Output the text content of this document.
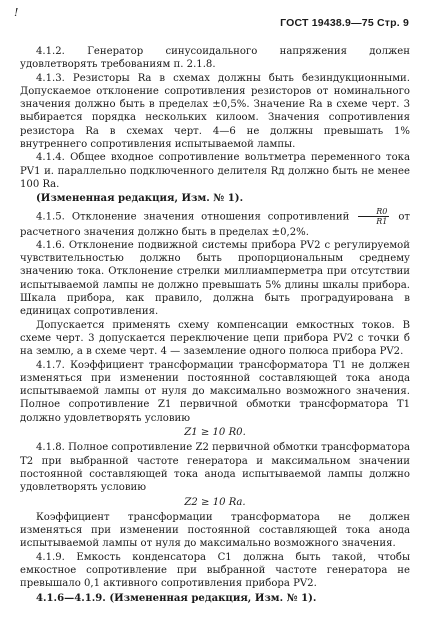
!
ГОСТ 19438.9—75 Стр. 9

4.1.2. Генератор синусоидального напряжения должен удовлетворять требованиям п. 2.1.8.

4.1.3. Резисторы Rа в схемах должны быть безиндукционными. Допускаемое отклонение сопротивления резисторов от номинального значения должно быть в пределах ±0,5%. Значение Rа в схеме черт. 3 выбирается порядка нескольких килоом. Значения сопротивления резистора Rа в схемах черт. 4—6 не должны превышать 1% внутреннего сопротивления испытываемой лампы.

4.1.4. Общее входное сопротивление вольтметра переменного тока PV1 и. параллельно подключенного делителя Rд должно быть не менее 100 Rа.

(Измененная редакция, Изм. № 1).

4.1.5. Отклонение значения отношения сопротивлений $\frac{R0}{R1}$ от расчетного значения должно быть в пределах ±0,2%.

4.1.6. Отклонение подвижной системы прибора PV2 с регулируемой чувствительностью должно быть пропорциональным среднему значению тока. Отклонение стрелки миллиамперметра при отсутствии испытываемой лампы не должно превышать 5% длины шкалы прибора. Шкала прибора, как правило, должна быть проградуирована в единицах сопротивления.

Допускается применять схему компенсации емкостных токов. В схеме черт. 3 допускается переключение цепи прибора PV2 с точки б на землю, а в схеме черт. 4 — заземление одного полюса прибора PV2.

4.1.7. Коэффициент трансформации трансформатора T1 не должен изменяться при изменении постоянной составляющей тока анода испытываемой лампы от нуля до максимально возможного значения. Полное сопротивление Z1 первичной обмотки трансформатора T1 должно удовлетворять условию

Z1 ≥ 10 R0.

4.1.8. Полное сопротивление Z2 первичной обмотки трансформатора T2 при выбранной частоте генератора и максимальном значении постоянной составляющей тока анода испытываемой лампы должно удовлетворять условию

Z2 ≥ 10 Rа.

Коэффициент трансформации трансформатора не должен изменяться при изменении постоянной составляющей тока анода испытываемой лампы от нуля до максимально возможного значения.

4.1.9. Емкость конденсатора C1 должна быть такой, чтобы емкостное сопротивление при выбранной частоте генератора не превышало 0,1 активного сопротивления прибора PV2.

4.1.6—4.1.9. (Измененная редакция, Изм. № 1).
